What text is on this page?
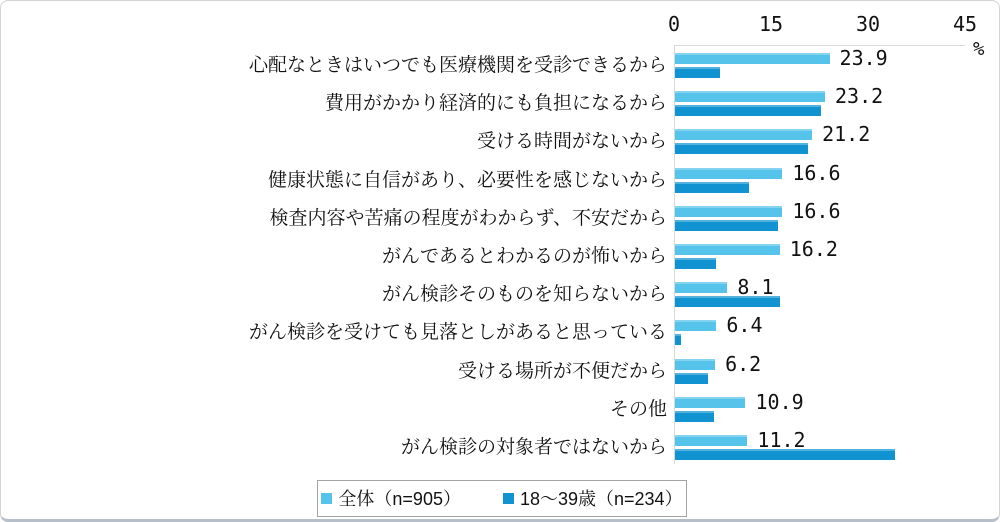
0	15	30	45
%
心配なときはいつでも医療機関を受診できるから	23.9
費用がかかり経済的にも負担になるから	23.2
受ける時間がないから	21.2
健康状態に自信があり、必要性を感じないから	16.6
検査内容や苦痛の程度がわからず、不安だから	16.6
がんであるとわかるのが怖いから	16.2
がん検診そのものを知らないから	8.1
がん検診を受けても見落としがあると思っている	6.4
受ける場所が不便だから	6.2
その他	10.9
がん検診の対象者ではないから	11.2
全体（n=905）	18～39歳（n=234）
